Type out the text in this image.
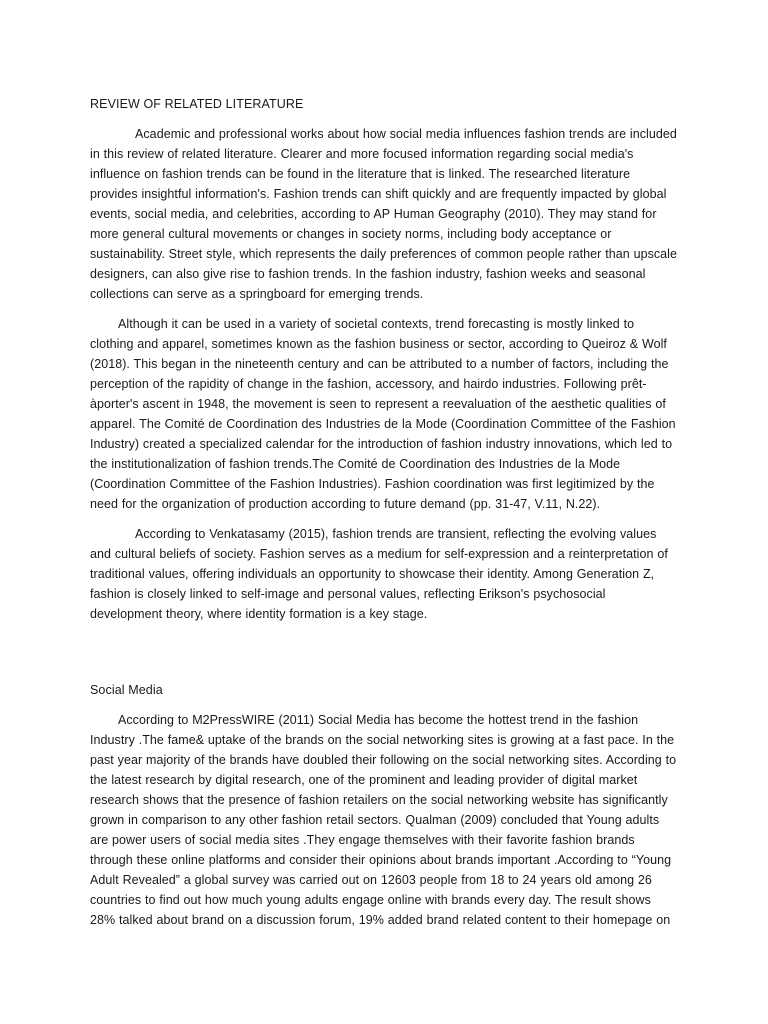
REVIEW OF RELATED LITERATURE

Academic and professional works about how social media influences fashion trends are included in this review of related literature. Clearer and more focused information regarding social media's influence on fashion trends can be found in the literature that is linked. The researched literature provides insightful information's. Fashion trends can shift quickly and are frequently impacted by global events, social media, and celebrities, according to AP Human Geography (2010). They may stand for more general cultural movements or changes in society norms, including body acceptance or sustainability. Street style, which represents the daily preferences of common people rather than upscale designers, can also give rise to fashion trends. In the fashion industry, fashion weeks and seasonal collections can serve as a springboard for emerging trends.

Although it can be used in a variety of societal contexts, trend forecasting is mostly linked to clothing and apparel, sometimes known as the fashion business or sector, according to Queiroz & Wolf (2018). This began in the nineteenth century and can be attributed to a number of factors, including the perception of the rapidity of change in the fashion, accessory, and hairdo industries. Following prêt-àporter's ascent in 1948, the movement is seen to represent a reevaluation of the aesthetic qualities of apparel. The Comité de Coordination des Industries de la Mode (Coordination Committee of the Fashion Industry) created a specialized calendar for the introduction of fashion industry innovations, which led to the institutionalization of fashion trends.The Comité de Coordination des Industries de la Mode (Coordination Committee of the Fashion Industries). Fashion coordination was first legitimized by the need for the organization of production according to future demand (pp. 31-47, V.11, N.22).

According to Venkatasamy (2015), fashion trends are transient, reflecting the evolving values and cultural beliefs of society. Fashion serves as a medium for self-expression and a reinterpretation of traditional values, offering individuals an opportunity to showcase their identity. Among Generation Z, fashion is closely linked to self-image and personal values, reflecting Erikson's psychosocial development theory, where identity formation is a key stage.

Social Media

According to M2PressWIRE (2011) Social Media has become the hottest trend in the fashion Industry .The fame& uptake of the brands on the social networking sites is growing at a fast pace. In the past year majority of the brands have doubled their following on the social networking sites. According to the latest research by digital research, one of the prominent and leading provider of digital market research shows that the presence of fashion retailers on the social networking website has significantly grown in comparison to any other fashion retail sectors. Qualman (2009) concluded that Young adults are power users of social media sites .They engage themselves with their favorite fashion brands through these online platforms and consider their opinions about brands important .According to “Young Adult Revealed” a global survey was carried out on 12603 people from 18 to 24 years old among 26 countries to find out how much young adults engage online with brands every day. The result shows 28% talked about brand on a discussion forum, 19% added brand related content to their homepage on
